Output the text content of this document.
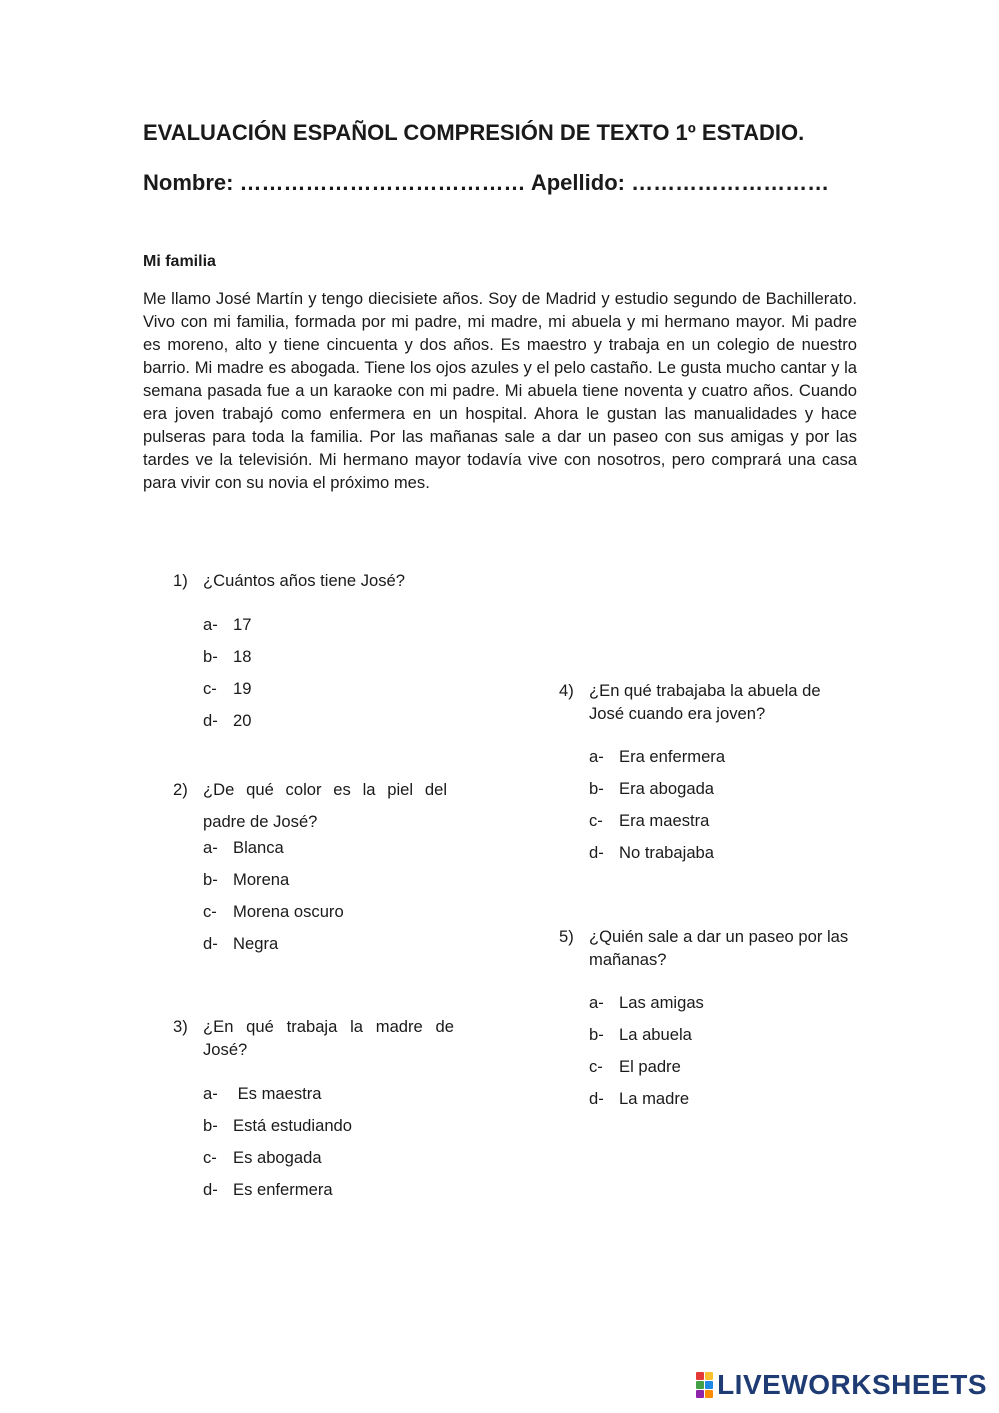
EVALUACIÓN ESPAÑOL COMPRESIÓN DE TEXTO 1º ESTADIO.
Nombre: ………………………………… Apellido: ………………………
Mi familia
Me llamo José Martín y tengo diecisiete años. Soy de Madrid y estudio segundo de Bachillerato. Vivo con mi familia, formada por mi padre, mi madre, mi abuela y mi hermano mayor. Mi padre es moreno, alto y tiene cincuenta y dos años. Es maestro y trabaja en un colegio de nuestro barrio. Mi madre es abogada. Tiene los ojos azules y el pelo castaño. Le gusta mucho cantar y la semana pasada fue a un karaoke con mi padre. Mi abuela tiene noventa y cuatro años. Cuando era joven trabajó como enfermera en un hospital. Ahora le gustan las manualidades y hace pulseras para toda la familia. Por las mañanas sale a dar un paseo con sus amigas y por las tardes ve la televisión. Mi hermano mayor todavía vive con nosotros, pero comprará una casa para vivir con su novia el próximo mes.
1) ¿Cuántos años tiene José?
a- 17
b- 18
c- 19
d- 20
2) ¿De qué color es la piel del padre de José?
a- Blanca
b- Morena
c- Morena oscuro
d- Negra
3) ¿En qué trabaja la madre de José?
a- Es maestra
b- Está estudiando
c- Es abogada
d- Es enfermera
4) ¿En qué trabajaba la abuela de José cuando era joven?
a- Era enfermera
b- Era abogada
c- Era maestra
d- No trabajaba
5) ¿Quién sale a dar un paseo por las mañanas?
a- Las amigas
b- La abuela
c- El padre
d- La madre
LIVEWORKSHEETS
